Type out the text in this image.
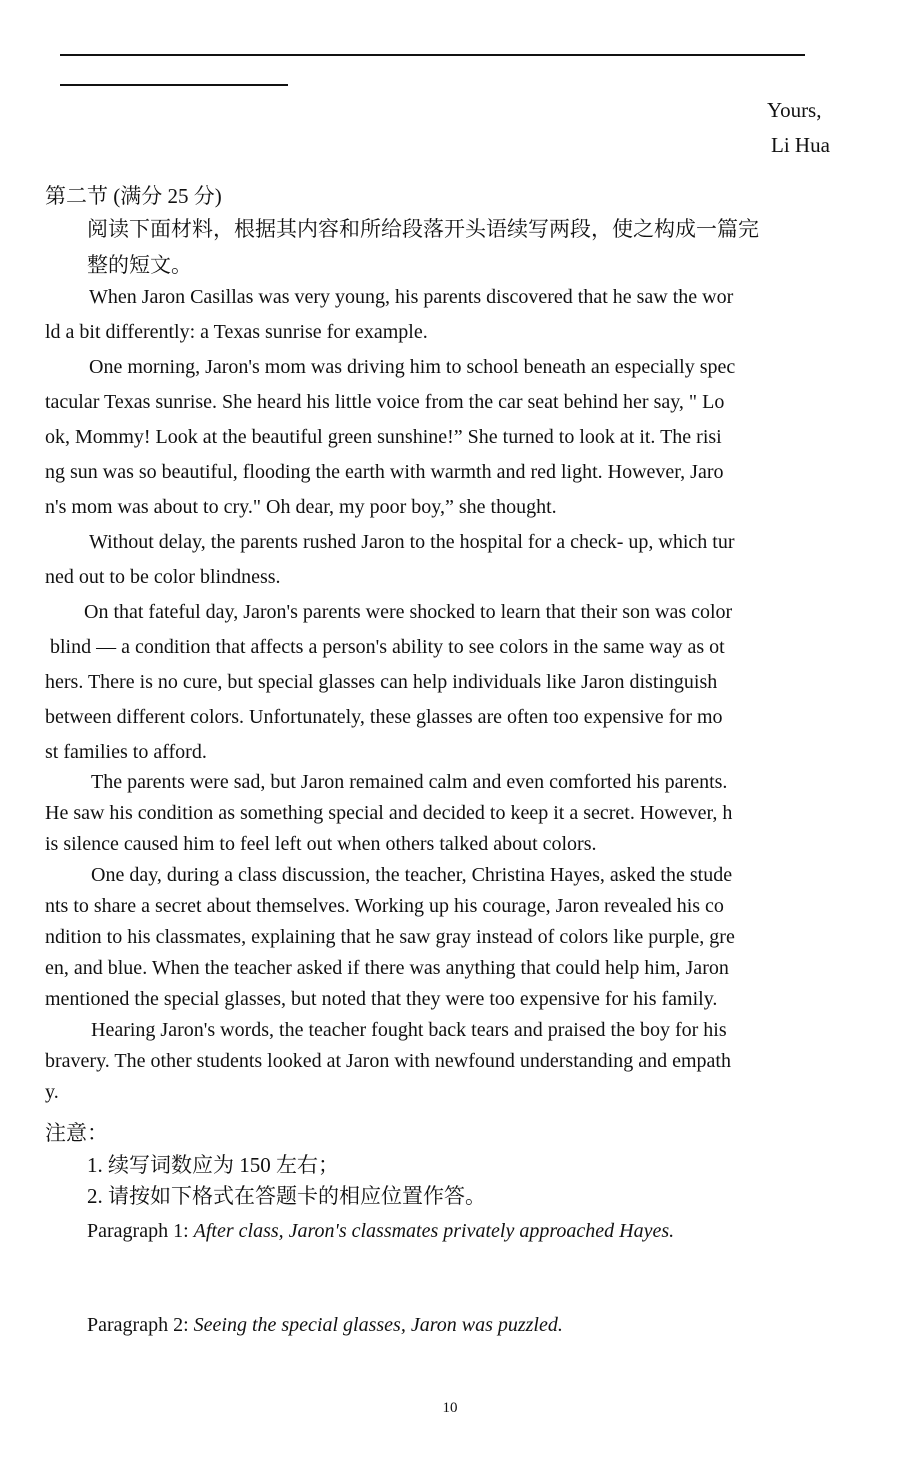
Yours,
Li Hua
第二节 (满分 25 分)
阅读下面材料，根据其内容和所给段落开头语续写两段，使之构成一篇完
整的短文。
When Jaron Casillas was very young, his parents discovered that he saw the wor
ld a bit differently: a Texas sunrise for example.
One morning, Jaron's mom was driving him to school beneath an especially spec
tacular Texas sunrise. She heard his little voice from the car seat behind her say, " Lo
ok, Mommy! Look at the beautiful green sunshine!” She turned to look at it. The risi
ng sun was so beautiful, flooding the earth with warmth and red light. However, Jaro
n's mom was about to cry." Oh dear, my poor boy,” she thought.
Without delay, the parents rushed Jaron to the hospital for a check- up, which tur
ned out to be color blindness.
On that fateful day, Jaron's parents were shocked to learn that their son was color
blind — a condition that affects a person's ability to see colors in the same way as ot
hers. There is no cure, but special glasses can help individuals like Jaron distinguish
between different colors. Unfortunately, these glasses are often too expensive for mo
st families to afford.
The parents were sad, but Jaron remained calm and even comforted his parents.
He saw his condition as something special and decided to keep it a secret. However, h
is silence caused him to feel left out when others talked about colors.
One day, during a class discussion, the teacher, Christina Hayes, asked the stude
nts to share a secret about themselves. Working up his courage, Jaron revealed his co
ndition to his classmates, explaining that he saw gray instead of colors like purple, gre
en, and blue. When the teacher asked if there was anything that could help him, Jaron
mentioned the special glasses, but noted that they were too expensive for his family.
Hearing Jaron's words, the teacher fought back tears and praised the boy for his
bravery. The other students looked at Jaron with newfound understanding and empath
y.
注意：
1. 续写词数应为 150 左右；
2. 请按如下格式在答题卡的相应位置作答。
Paragraph 1: After class, Jaron's classmates privately approached Hayes.
Paragraph 2: Seeing the special glasses, Jaron was puzzled.
10
